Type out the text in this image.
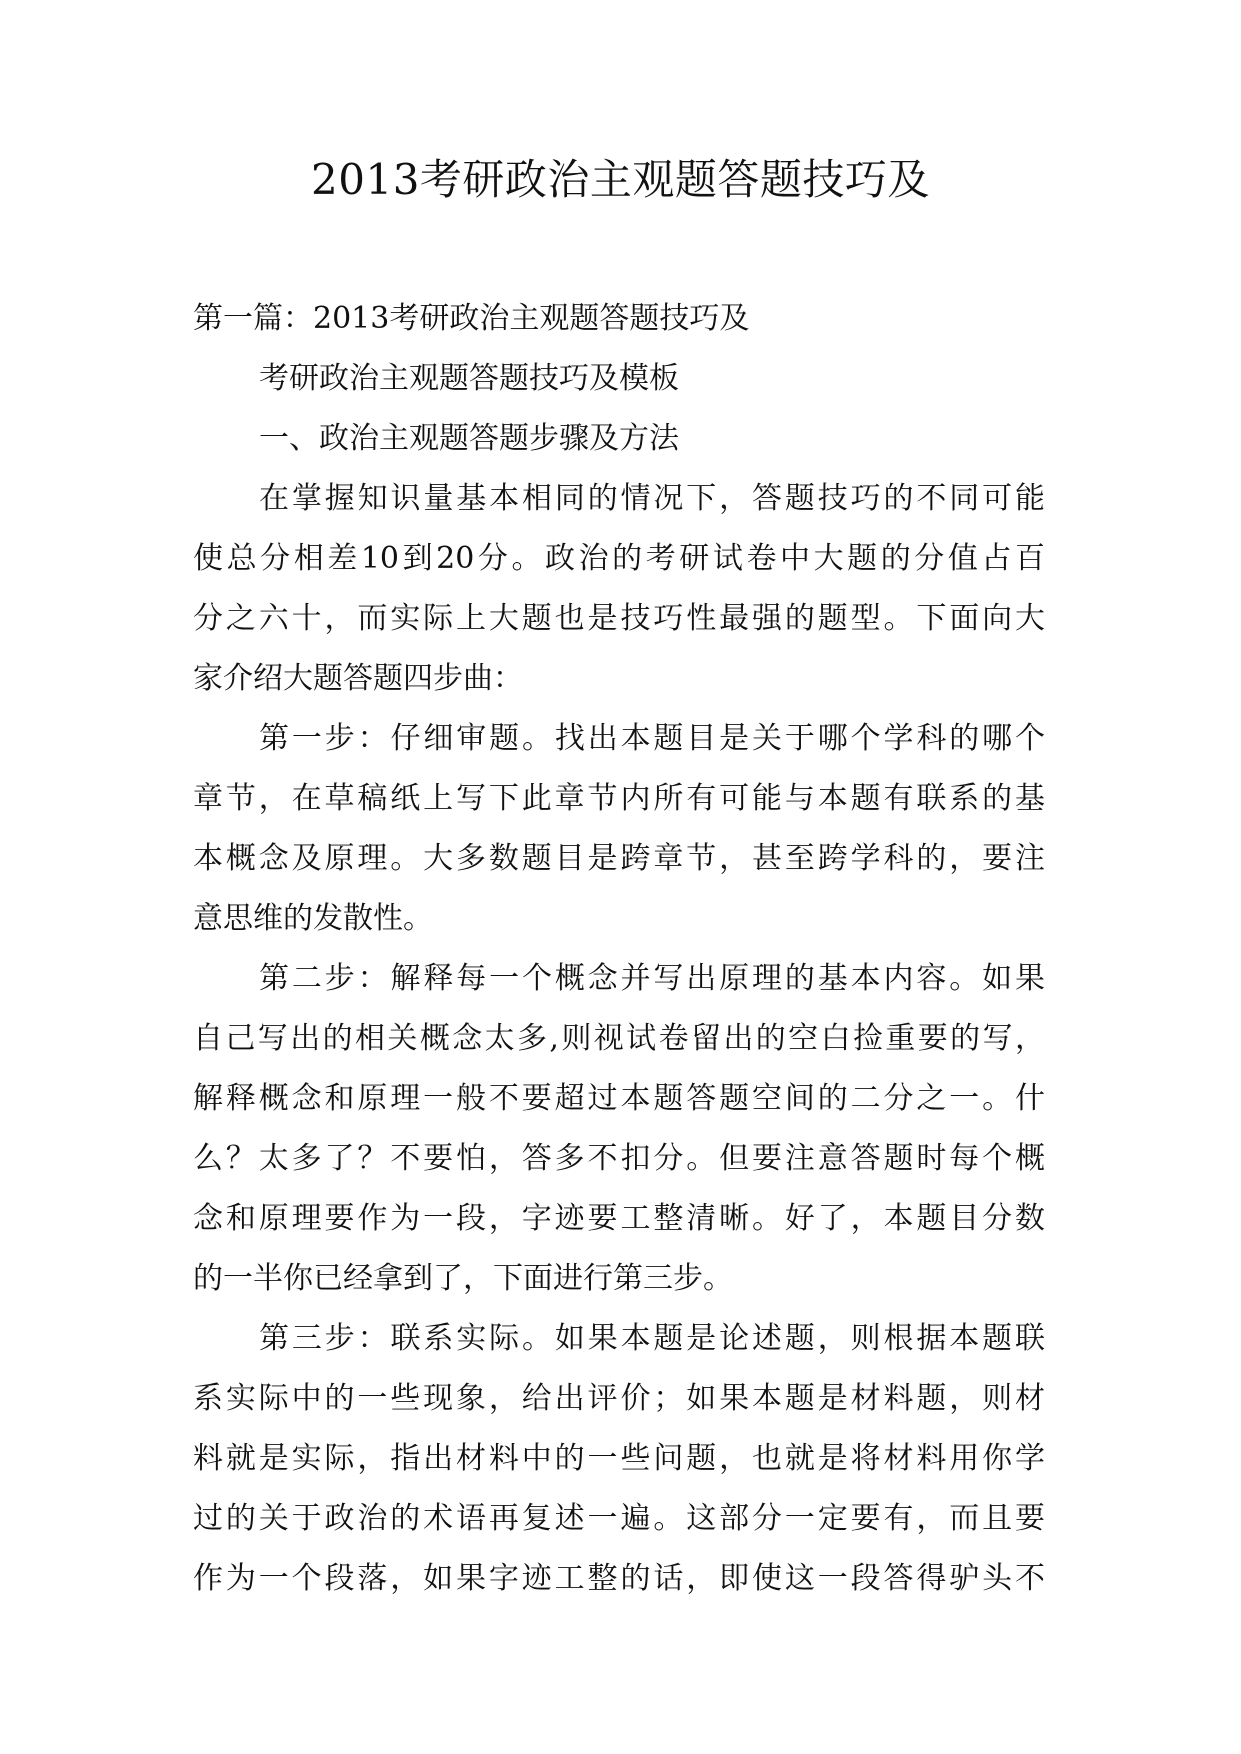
2013考研政治主观题答题技巧及
第一篇：2013考研政治主观题答题技巧及
考研政治主观题答题技巧及模板
一、政治主观题答题步骤及方法
在掌握知识量基本相同的情况下，答题技巧的不同可能
使总分相差10到20分。政治的考研试卷中大题的分值占百
分之六十，而实际上大题也是技巧性最强的题型。下面向大
家介绍大题答题四步曲：
第一步：仔细审题。找出本题目是关于哪个学科的哪个
章节，在草稿纸上写下此章节内所有可能与本题有联系的基
本概念及原理。大多数题目是跨章节，甚至跨学科的，要注
意思维的发散性。
第二步：解释每一个概念并写出原理的基本内容。如果
自己写出的相关概念太多,则视试卷留出的空白捡重要的写，
解释概念和原理一般不要超过本题答题空间的二分之一。什
么？太多了？不要怕，答多不扣分。但要注意答题时每个概
念和原理要作为一段，字迹要工整清晰。好了，本题目分数
的一半你已经拿到了，下面进行第三步。
第三步：联系实际。如果本题是论述题，则根据本题联
系实际中的一些现象，给出评价；如果本题是材料题，则材
料就是实际，指出材料中的一些问题，也就是将材料用你学
过的关于政治的术语再复述一遍。这部分一定要有，而且要
作为一个段落，如果字迹工整的话，即使这一段答得驴头不
